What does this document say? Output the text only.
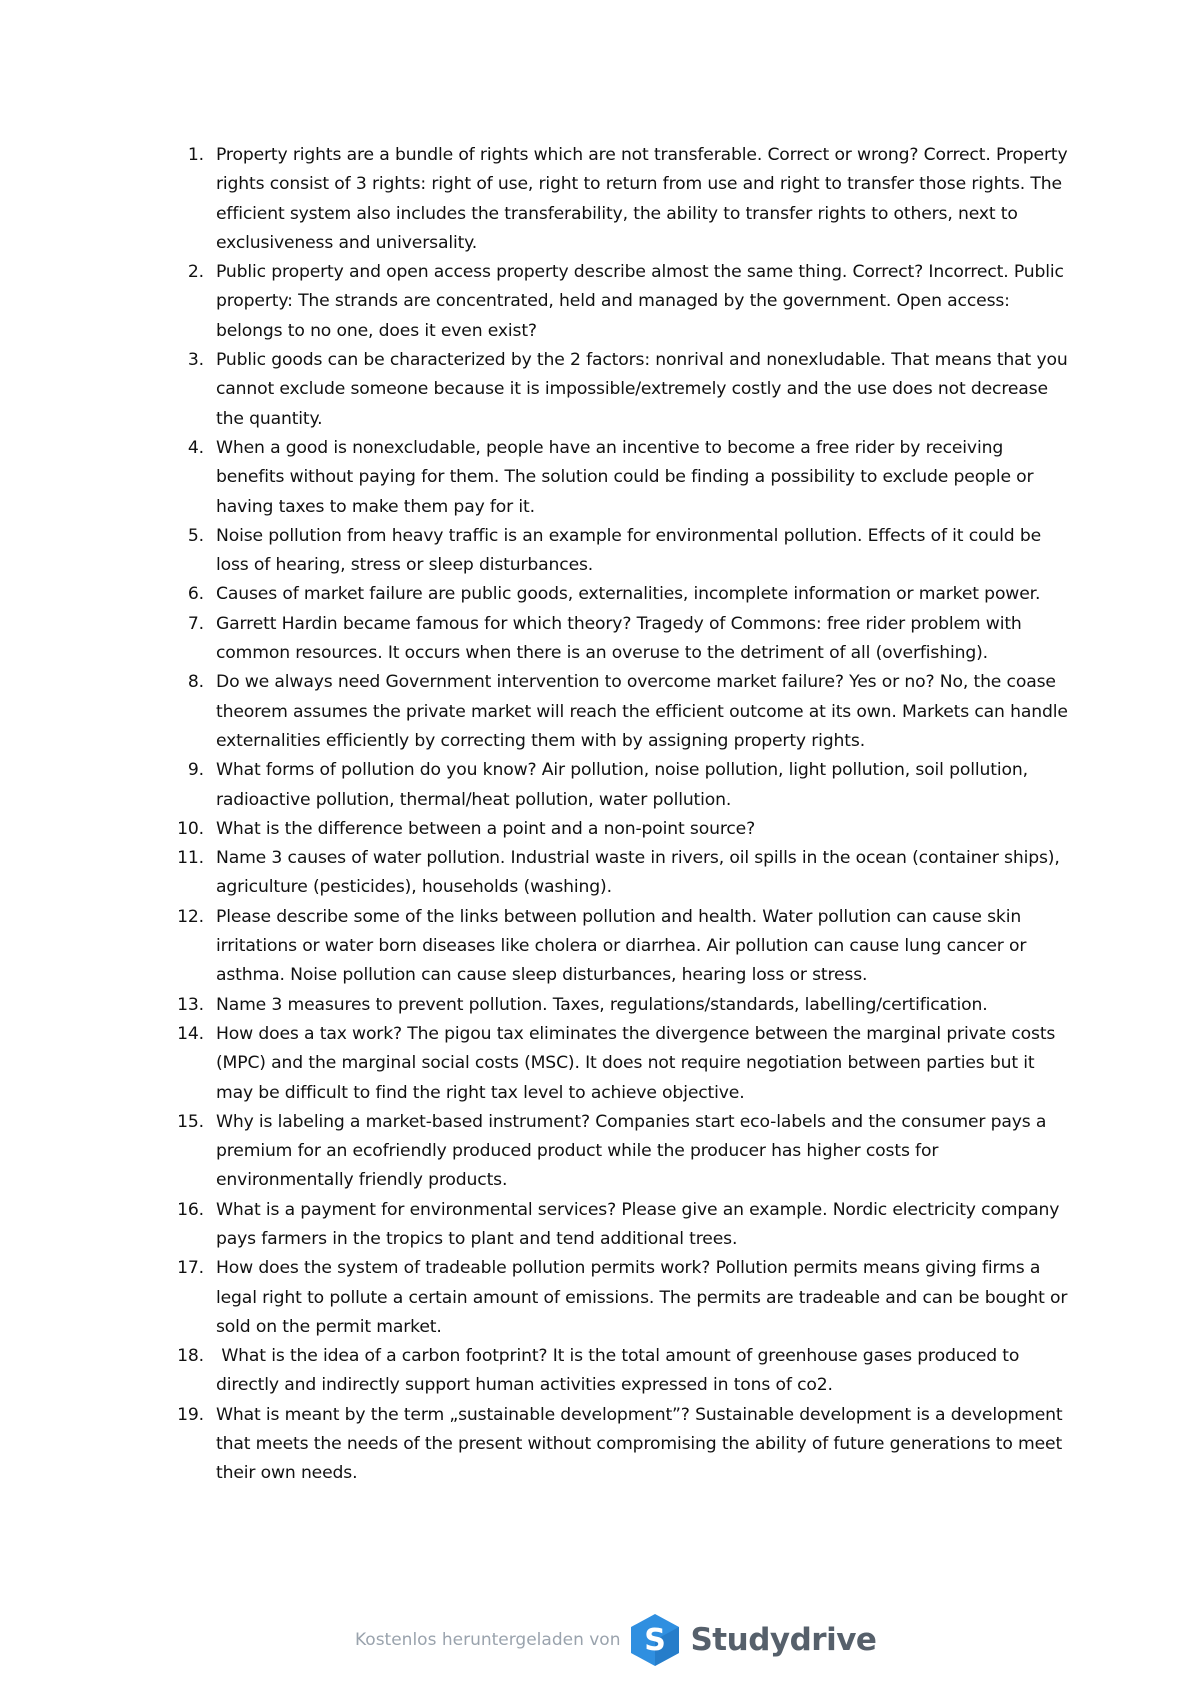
1. Property rights are a bundle of rights which are not transferable. Correct or wrong? Correct. Property rights consist of 3 rights: right of use, right to return from use and right to transfer those rights. The efficient system also includes the transferability, the ability to transfer rights to others, next to exclusiveness and universality.
2. Public property and open access property describe almost the same thing. Correct? Incorrect. Public property: The strands are concentrated, held and managed by the government. Open access: belongs to no one, does it even exist?
3. Public goods can be characterized by the 2 factors: nonrival and nonexludable. That means that you cannot exclude someone because it is impossible/extremely costly and the use does not decrease the quantity.
4. When a good is nonexcludable, people have an incentive to become a free rider by receiving benefits without paying for them. The solution could be finding a possibility to exclude people or having taxes to make them pay for it.
5. Noise pollution from heavy traffic is an example for environmental pollution. Effects of it could be loss of hearing, stress or sleep disturbances.
6. Causes of market failure are public goods, externalities, incomplete information or market power.
7. Garrett Hardin became famous for which theory? Tragedy of Commons: free rider problem with common resources. It occurs when there is an overuse to the detriment of all (overfishing).
8. Do we always need Government intervention to overcome market failure? Yes or no? No, the coase theorem assumes the private market will reach the efficient outcome at its own. Markets can handle externalities efficiently by correcting them with by assigning property rights.
9. What forms of pollution do you know? Air pollution, noise pollution, light pollution, soil pollution, radioactive pollution, thermal/heat pollution, water pollution.
10. What is the difference between a point and a non-point source?
11. Name 3 causes of water pollution. Industrial waste in rivers, oil spills in the ocean (container ships), agriculture (pesticides), households (washing).
12. Please describe some of the links between pollution and health. Water pollution can cause skin irritations or water born diseases like cholera or diarrhea. Air pollution can cause lung cancer or asthma. Noise pollution can cause sleep disturbances, hearing loss or stress.
13. Name 3 measures to prevent pollution. Taxes, regulations/standards, labelling/certification.
14. How does a tax work? The pigou tax eliminates the divergence between the marginal private costs (MPC) and the marginal social costs (MSC). It does not require negotiation between parties but it may be difficult to find the right tax level to achieve objective.
15. Why is labeling a market-based instrument? Companies start eco-labels and the consumer pays a premium for an ecofriendly produced product while the producer has higher costs for environmentally friendly products.
16. What is a payment for environmental services? Please give an example. Nordic electricity company pays farmers in the tropics to plant and tend additional trees.
17. How does the system of tradeable pollution permits work? Pollution permits means giving firms a legal right to pollute a certain amount of emissions. The permits are tradeable and can be bought or sold on the permit market.
18. What is the idea of a carbon footprint? It is the total amount of greenhouse gases produced to directly and indirectly support human activities expressed in tons of co2.
19. What is meant by the term „sustainable development”? Sustainable development is a development that meets the needs of the present without compromising the ability of future generations to meet their own needs.
Kostenlos heruntergeladen von S Studydrive
